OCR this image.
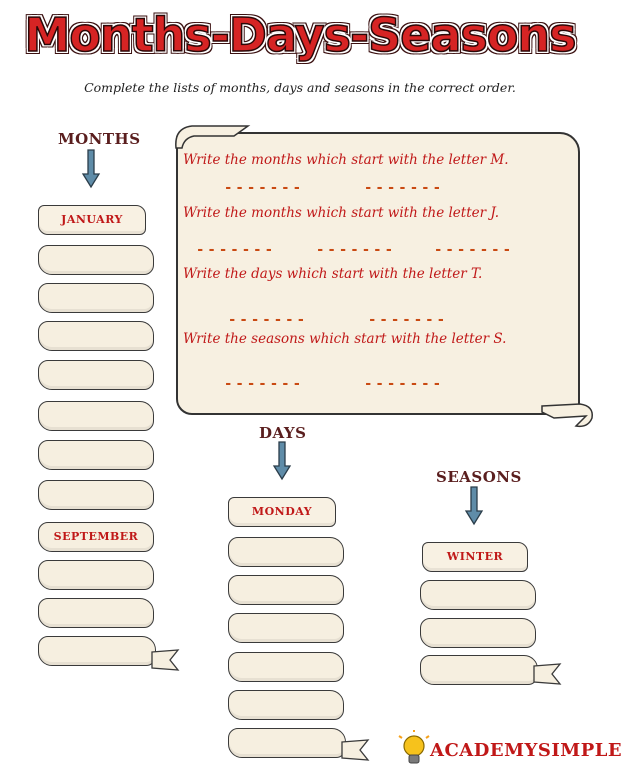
Months-Days-Seasons
Complete the lists of months, days and seasons in the correct order.
MONTHS
DAYS
SEASONS
JANUARY
SEPTEMBER
MONDAY
WINTER
Write the months which start with the letter M.
-------	-------
Write the months which start with the letter J.
-------	-------	-------
Write the days which start with the letter T.
-------	-------
Write the seasons which start with the letter S.
-------	-------
ACADEMYSIMPLE
